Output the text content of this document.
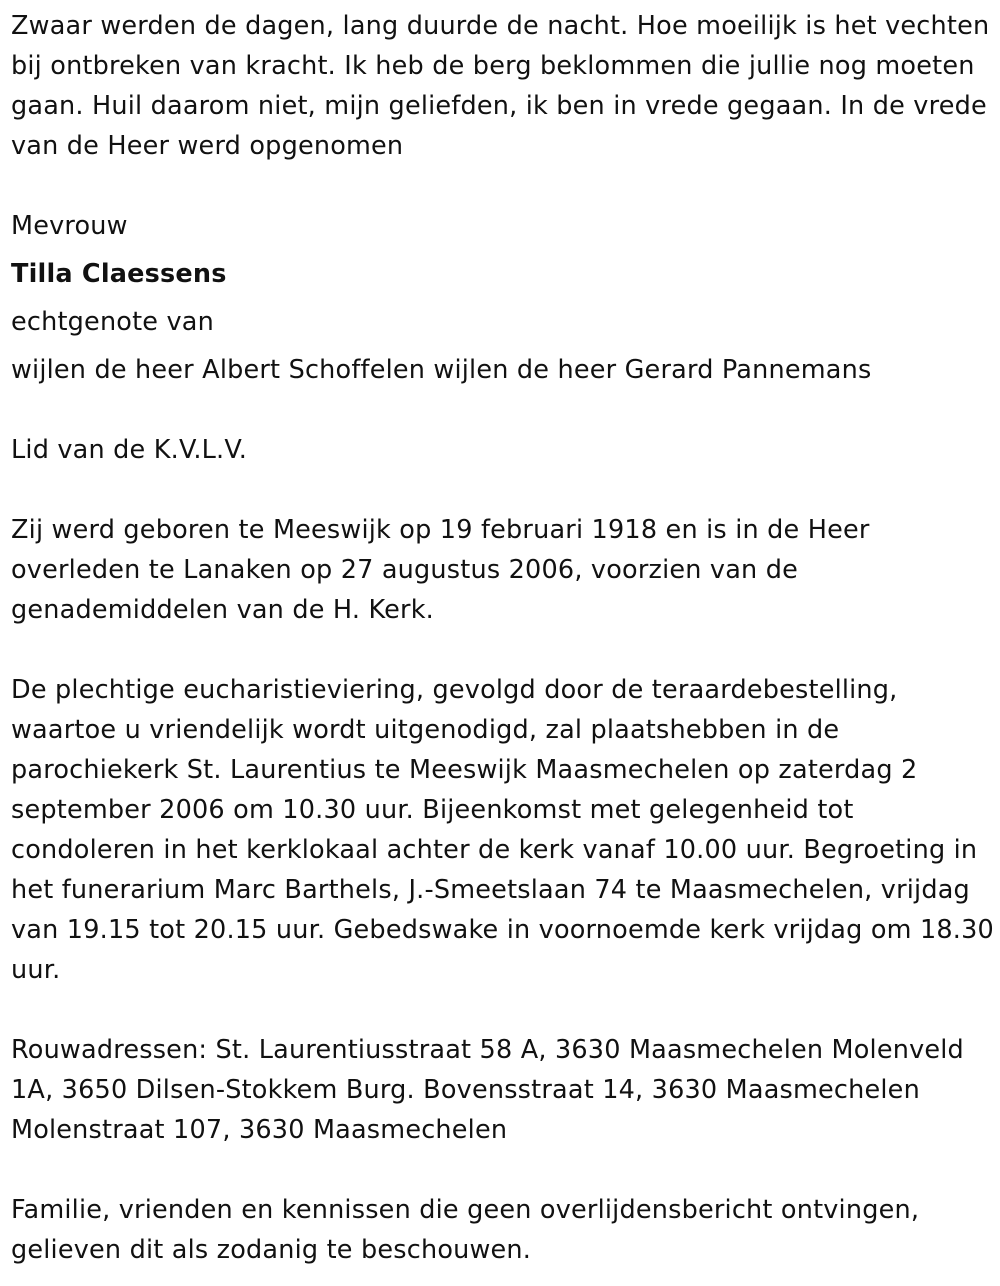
Zwaar werden de dagen, lang duurde de nacht. Hoe moeilijk is het vechten bij ontbreken van kracht. Ik heb de berg beklommen die jullie nog moeten gaan. Huil daarom niet, mijn geliefden, ik ben in vrede gegaan. In de vrede van de Heer werd opgenomen

Mevrouw

Tilla Claessens

echtgenote van

wijlen de heer Albert Schoffelen wijlen de heer Gerard Pannemans

Lid van de K.V.L.V.

Zij werd geboren te Meeswijk op 19 februari 1918 en is in de Heer overleden te Lanaken op 27 augustus 2006, voorzien van de genademiddelen van de H. Kerk.

De plechtige eucharistieviering, gevolgd door de teraardebestelling, waartoe u vriendelijk wordt uitgenodigd, zal plaatshebben in de parochiekerk St. Laurentius te Meeswijk Maasmechelen op zaterdag 2 september 2006 om 10.30 uur. Bijeenkomst met gelegenheid tot condoleren in het kerklokaal achter de kerk vanaf 10.00 uur. Begroeting in het funerarium Marc Barthels, J.-Smeetslaan 74 te Maasmechelen, vrijdag van 19.15 tot 20.15 uur. Gebedswake in voornoemde kerk vrijdag om 18.30 uur.

Rouwadressen: St. Laurentiusstraat 58 A, 3630 Maasmechelen Molenveld 1A, 3650 Dilsen-Stokkem Burg. Bovensstraat 14, 3630 Maasmechelen Molenstraat 107, 3630 Maasmechelen

Familie, vrienden en kennissen die geen overlijdensbericht ontvingen, gelieven dit als zodanig te beschouwen.
